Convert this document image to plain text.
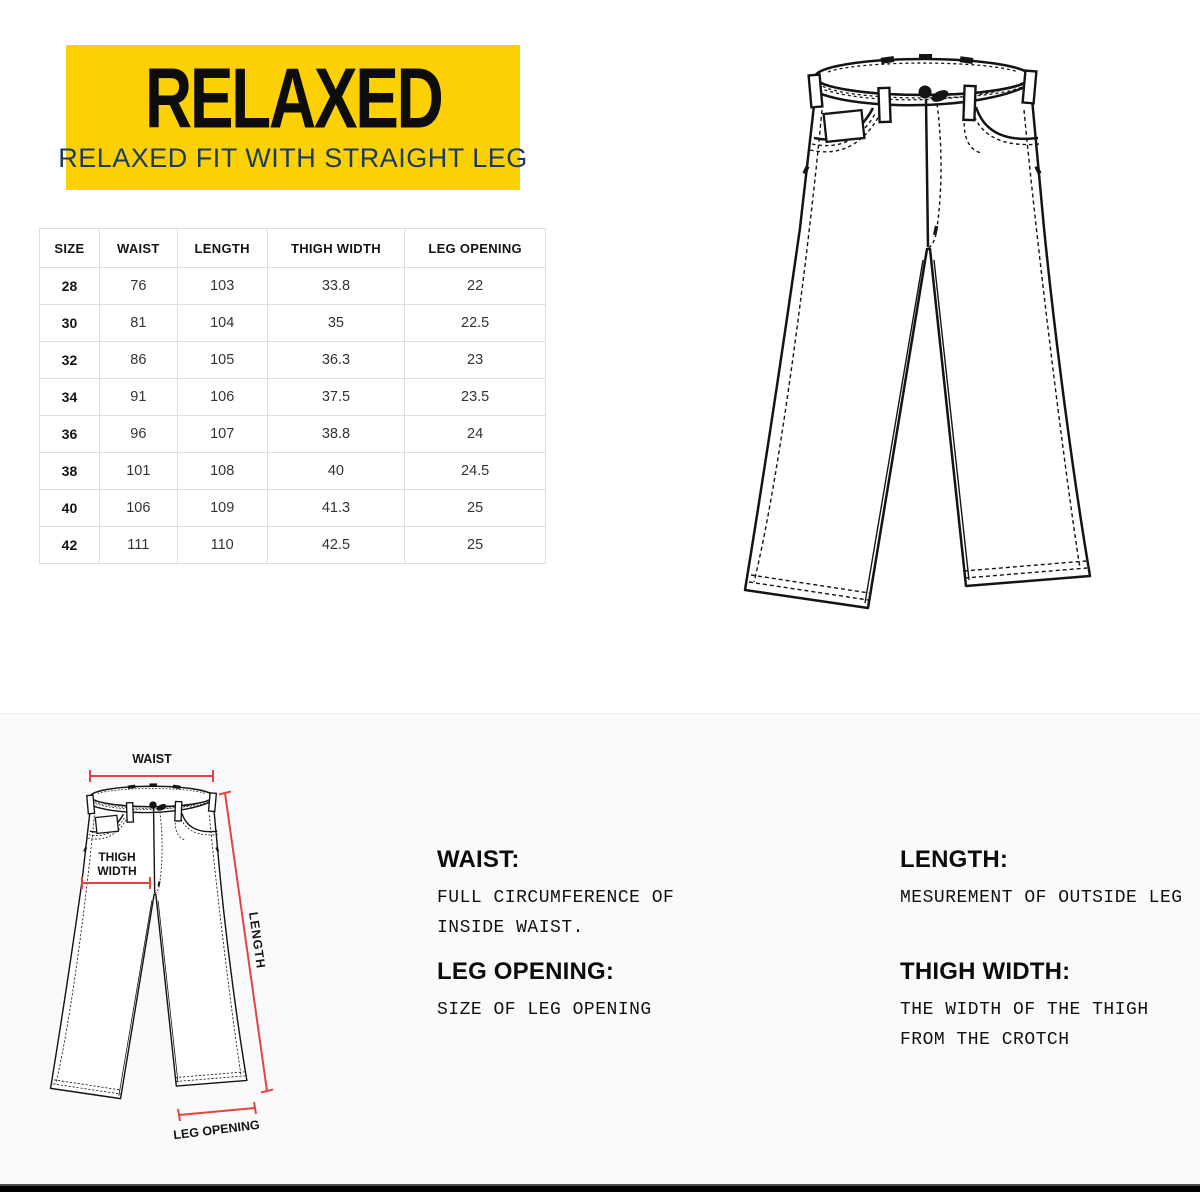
RELAXED
RELAXED FIT WITH STRAIGHT LEG
SIZE	WAIST	LENGTH	THIGH WIDTH	LEG OPENING
28	76	103	33.8	22
30	81	104	35	22.5
32	86	105	36.3	23
34	91	106	37.5	23.5
36	96	107	38.8	24
38	101	108	40	24.5
40	106	109	41.3	25
42	111	110	42.5	25
WAIST
THIGH
WIDTH
LENGTH
LEG OPENING
WAIST:
FULL CIRCUMFERENCE OF INSIDE WAIST.
LENGTH:
MESUREMENT OF OUTSIDE LEG
LEG OPENING:
SIZE OF LEG OPENING
THIGH WIDTH:
THE WIDTH OF THE THIGH FROM THE CROTCH
